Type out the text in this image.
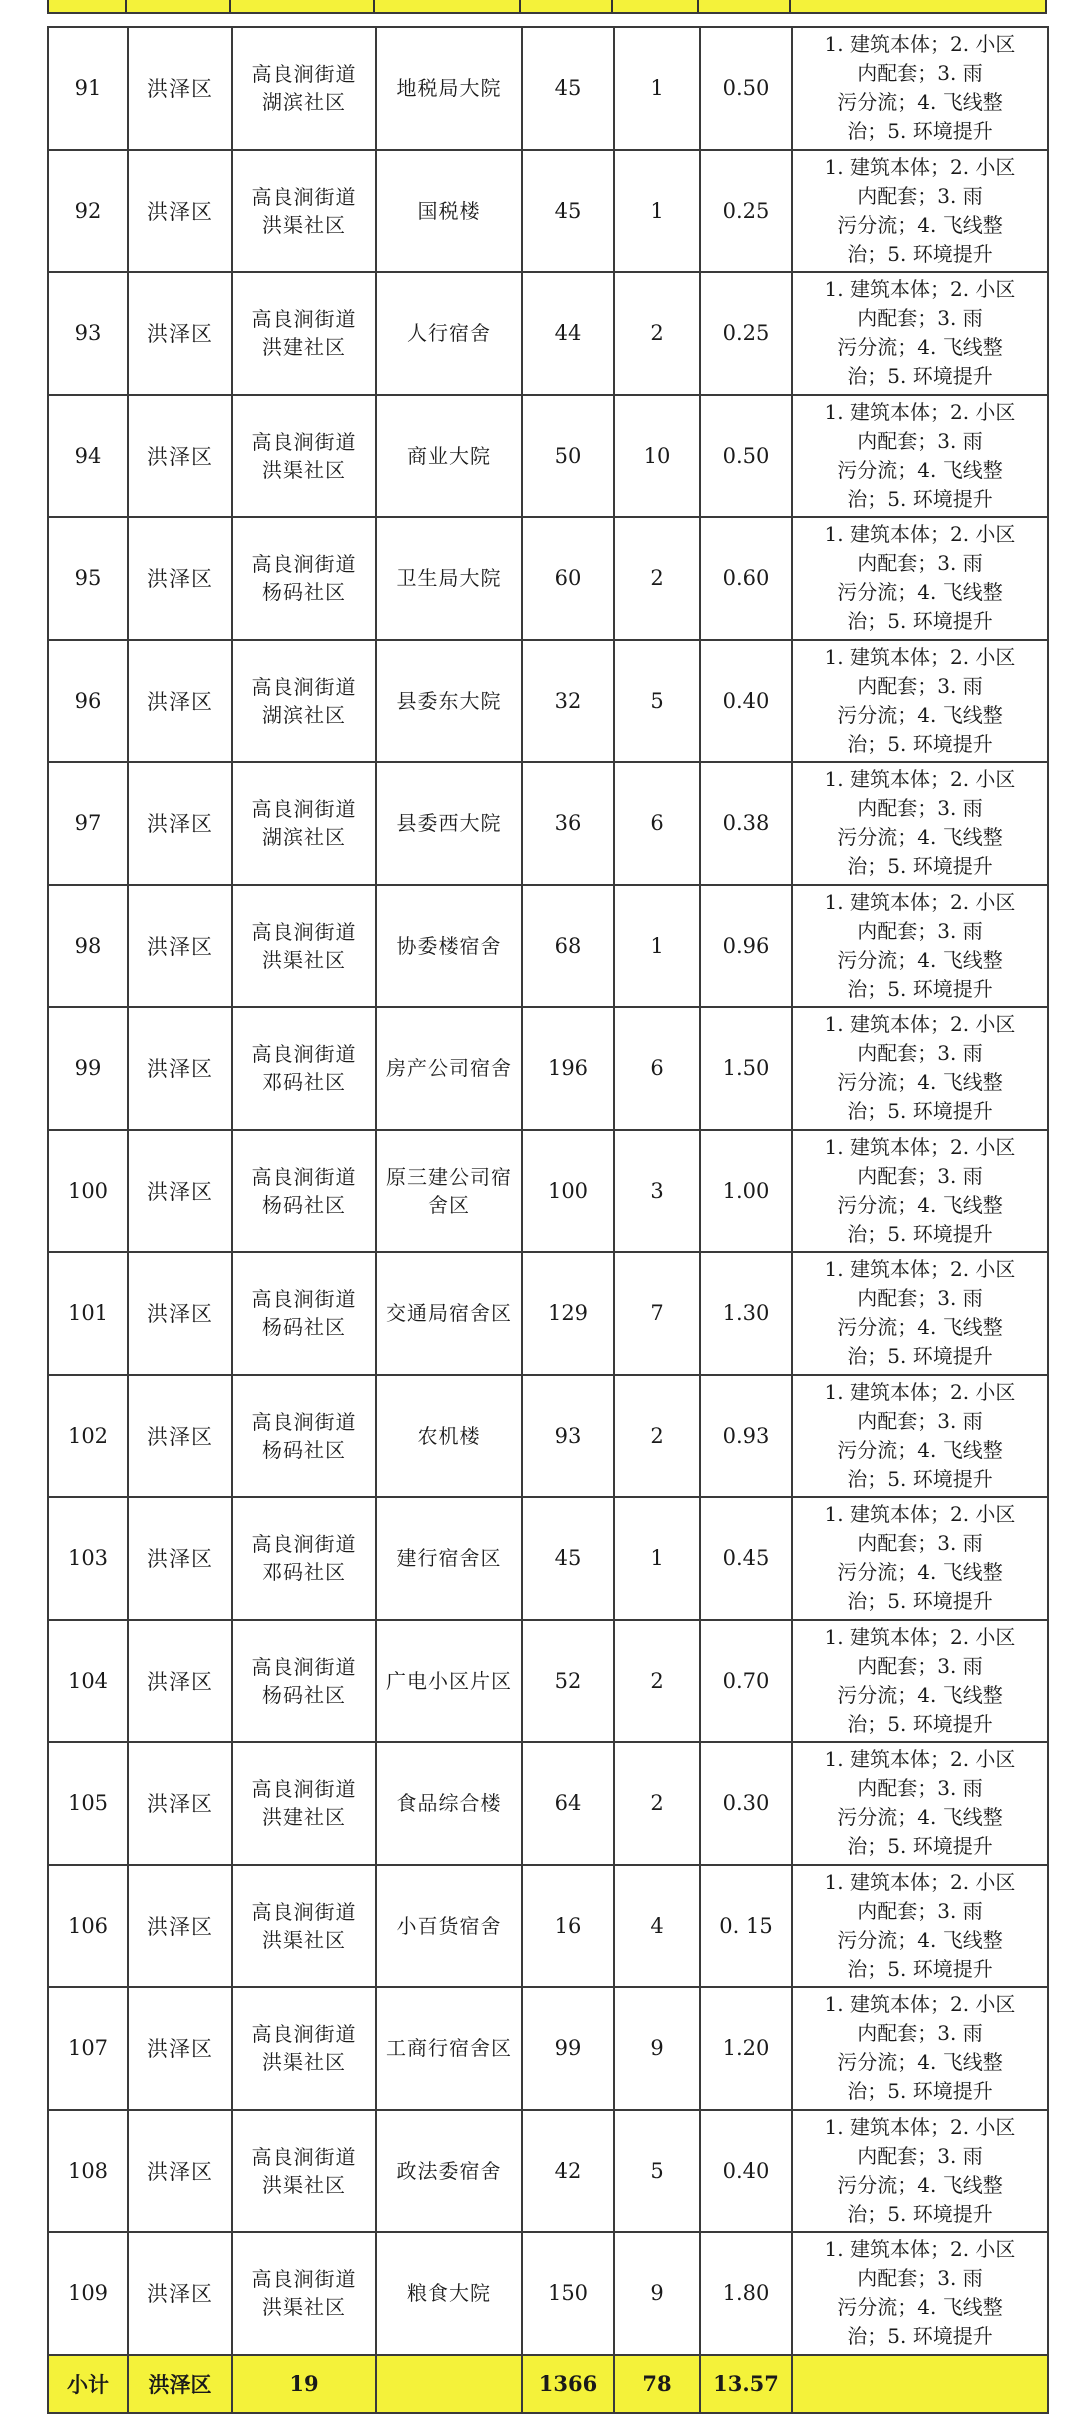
91	洪泽区	高良涧街道
湖滨社区	地税局大院	45	1	0.50	1. 建筑本体；2. 小区
内配套；3. 雨
污分流；4. 飞线整
治；5. 环境提升

92	洪泽区	高良涧街道
洪渠社区	国税楼	45	1	0.25	1. 建筑本体；2. 小区
内配套；3. 雨
污分流；4. 飞线整
治；5. 环境提升

93	洪泽区	高良涧街道
洪建社区	人行宿舍	44	2	0.25	1. 建筑本体；2. 小区
内配套；3. 雨
污分流；4. 飞线整
治；5. 环境提升

94	洪泽区	高良涧街道
洪渠社区	商业大院	50	10	0.50	1. 建筑本体；2. 小区
内配套；3. 雨
污分流；4. 飞线整
治；5. 环境提升

95	洪泽区	高良涧街道
杨码社区	卫生局大院	60	2	0.60	1. 建筑本体；2. 小区
内配套；3. 雨
污分流；4. 飞线整
治；5. 环境提升

96	洪泽区	高良涧街道
湖滨社区	县委东大院	32	5	0.40	1. 建筑本体；2. 小区
内配套；3. 雨
污分流；4. 飞线整
治；5. 环境提升

97	洪泽区	高良涧街道
湖滨社区	县委西大院	36	6	0.38	1. 建筑本体；2. 小区
内配套；3. 雨
污分流；4. 飞线整
治；5. 环境提升

98	洪泽区	高良涧街道
洪渠社区	协委楼宿舍	68	1	0.96	1. 建筑本体；2. 小区
内配套；3. 雨
污分流；4. 飞线整
治；5. 环境提升

99	洪泽区	高良涧街道
邓码社区	房产公司宿舍	196	6	1.50	1. 建筑本体；2. 小区
内配套；3. 雨
污分流；4. 飞线整
治；5. 环境提升

100	洪泽区	高良涧街道
杨码社区	原三建公司宿舍区	100	3	1.00	1. 建筑本体；2. 小区
内配套；3. 雨
污分流；4. 飞线整
治；5. 环境提升

101	洪泽区	高良涧街道
杨码社区	交通局宿舍区	129	7	1.30	1. 建筑本体；2. 小区
内配套；3. 雨
污分流；4. 飞线整
治；5. 环境提升

102	洪泽区	高良涧街道
杨码社区	农机楼	93	2	0.93	1. 建筑本体；2. 小区
内配套；3. 雨
污分流；4. 飞线整
治；5. 环境提升

103	洪泽区	高良涧街道
邓码社区	建行宿舍区	45	1	0.45	1. 建筑本体；2. 小区
内配套；3. 雨
污分流；4. 飞线整
治；5. 环境提升

104	洪泽区	高良涧街道
杨码社区	广电小区片区	52	2	0.70	1. 建筑本体；2. 小区
内配套；3. 雨
污分流；4. 飞线整
治；5. 环境提升

105	洪泽区	高良涧街道
洪建社区	食品综合楼	64	2	0.30	1. 建筑本体；2. 小区
内配套；3. 雨
污分流；4. 飞线整
治；5. 环境提升

106	洪泽区	高良涧街道
洪渠社区	小百货宿舍	16	4	0. 15	1. 建筑本体；2. 小区
内配套；3. 雨
污分流；4. 飞线整
治；5. 环境提升

107	洪泽区	高良涧街道
洪渠社区	工商行宿舍区	99	9	1.20	1. 建筑本体；2. 小区
内配套；3. 雨
污分流；4. 飞线整
治；5. 环境提升

108	洪泽区	高良涧街道
洪渠社区	政法委宿舍	42	5	0.40	1. 建筑本体；2. 小区
内配套；3. 雨
污分流；4. 飞线整
治；5. 环境提升

109	洪泽区	高良涧街道
洪渠社区	粮食大院	150	9	1.80	1. 建筑本体；2. 小区
内配套；3. 雨
污分流；4. 飞线整
治；5. 环境提升

小计	洪泽区	19		1366	78	13.57	
